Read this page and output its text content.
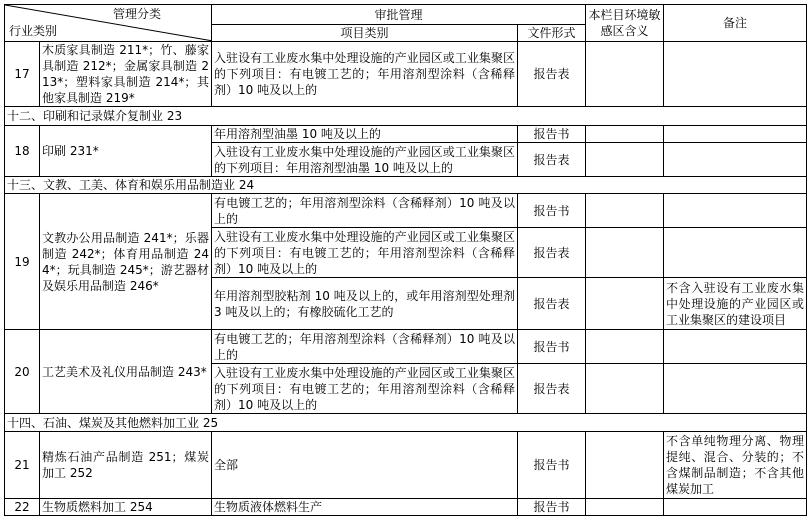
管理分类
行业类别		审批管理		本栏目环境敏感区含义	备注
		项目类别	文件形式		
17	木质家具制造 211*；竹、藤家具制造 212*；金属家具制造 213*；塑料家具制造 214*；其他家具制造 219*	入驻设有工业废水集中处理设施的产业园区或工业集聚区的下列项目：有电镀工艺的；年用溶剂型涂料（含稀释剂）10 吨及以上的	报告表		
十二、印刷和记录媒介复制业 23					
18	印刷 231*	年用溶剂型油墨 10 吨及以上的	报告书		
		入驻设有工业废水集中处理设施的产业园区或工业集聚区的下列项目：年用溶剂型油墨 10 吨及以上的	报告表		
十三、文教、工美、体育和娱乐用品制造业 24					
19	文教办公用品制造 241*；乐器制造 242*；体育用品制造 244*；玩具制造 245*；游艺器材及娱乐用品制造 246*	有电镀工艺的；年用溶剂型涂料（含稀释剂）10 吨及以上的	报告书		
		入驻设有工业废水集中处理设施的产业园区或工业集聚区的下列项目：有电镀工艺的；年用溶剂型涂料（含稀释剂）10 吨及以上的	报告表		
		年用溶剂型胶粘剂 10 吨及以上的，或年用溶剂型处理剂 3 吨及以上的；有橡胶硫化工艺的	报告表		不含入驻设有工业废水集中处理设施的产业园区或工业集聚区的建设项目
20	工艺美术及礼仪用品制造 243*	有电镀工艺的；年用溶剂型涂料（含稀释剂）10 吨及以上的	报告书		
		入驻设有工业废水集中处理设施的产业园区或工业集聚区的下列项目：有电镀工艺的；年用溶剂型涂料（含稀释剂）10 吨及以上的	报告表		
十四、石油、煤炭及其他燃料加工业 25					
21	精炼石油产品制造 251；煤炭加工 252	全部	报告书		不含单纯物理分离、物理提纯、混合、分装的；不含煤制品制造；不含其他煤炭加工
22	生物质燃料加工 254	生物质液体燃料生产	报告书		
